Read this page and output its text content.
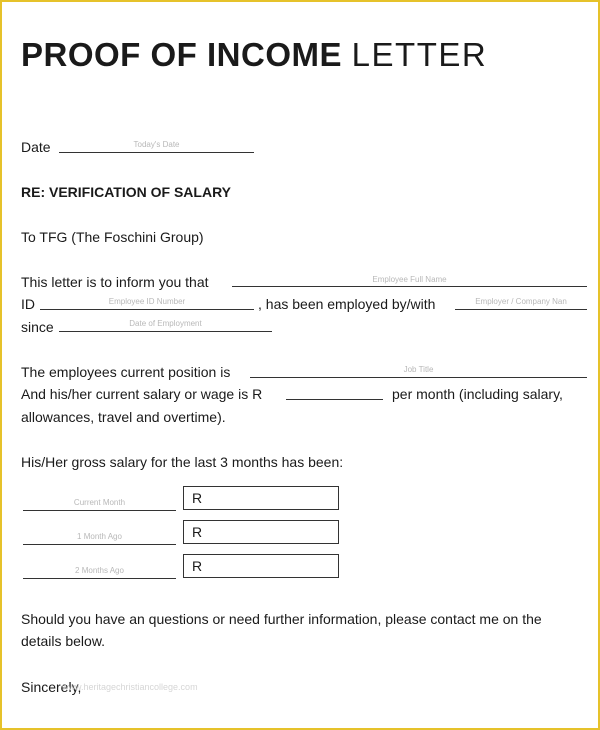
PROOF OF INCOME LETTER
Date	Today's Date
RE: VERIFICATION OF SALARY
To TFG (The Foschini Group)
This letter is to inform you that	Employee Full Name
ID	Employee ID Number	, has been employed by/with	Employer / Company Nan
since	Date of Employment
The employees current position is	Job Title
And his/her current salary or wage is R	per month (including salary,
allowances, travel and overtime).
His/Her gross salary for the last 3 months has been:
Current Month	R
1 Month Ago	R
2 Months Ago	R
Should you have an questions or need further information, please contact me on the
details below.
Sincerely,
www.heritagechristiancollege.com
